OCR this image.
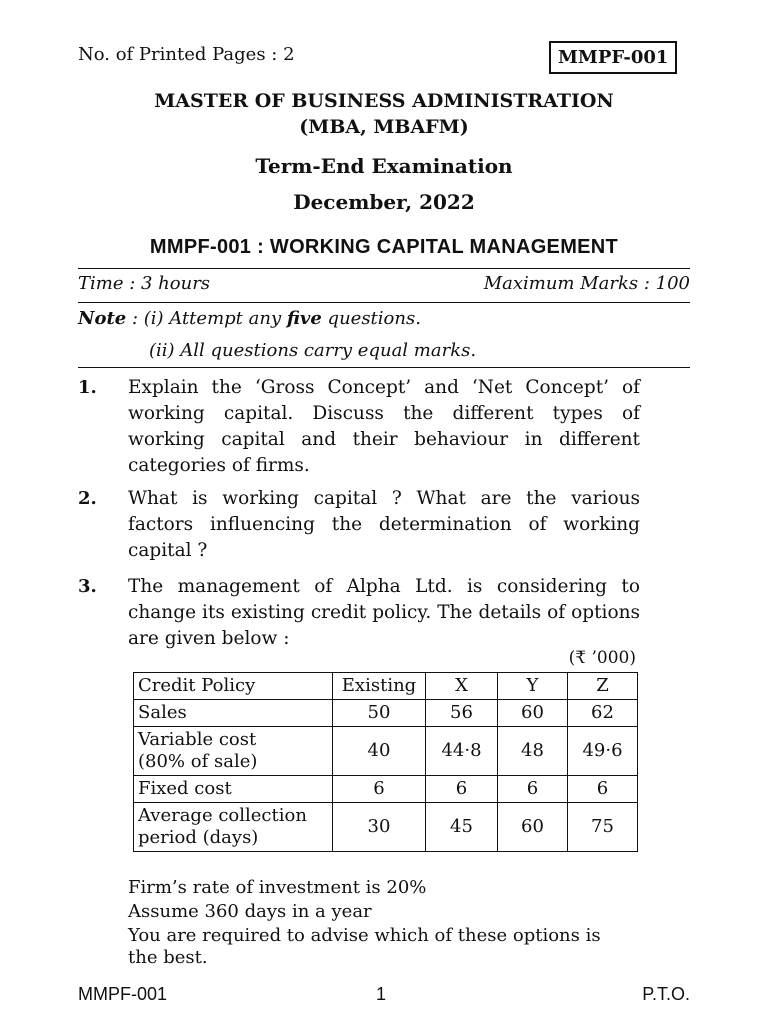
No. of Printed Pages : 2	MMPF-001
MASTER OF BUSINESS ADMINISTRATION
(MBA, MBAFM)
Term-End Examination
December, 2022
MMPF-001 : WORKING CAPITAL MANAGEMENT
Time : 3 hours	Maximum Marks : 100
Note : (i) Attempt any five questions.
(ii) All questions carry equal marks.
1. Explain the ‘Gross Concept’ and ‘Net Concept’ of working capital. Discuss the different types of working capital and their behaviour in different categories of firms.
2. What is working capital ? What are the various factors influencing the determination of working capital ?
3. The management of Alpha Ltd. is considering to change its existing credit policy. The details of options are given below :
(₹ ’000)
Credit Policy	Existing	X	Y	Z
Sales	50	56	60	62

Variable cost
(80% of sale)	40	44·8	48	49·6
Fixed cost	6	6	6	6

Average collection
period (days)	30	45	60	75
Firm’s rate of investment is 20%
Assume 360 days in a year
You are required to advise which of these options is
the best.
MMPF-001	1	P.T.O.
